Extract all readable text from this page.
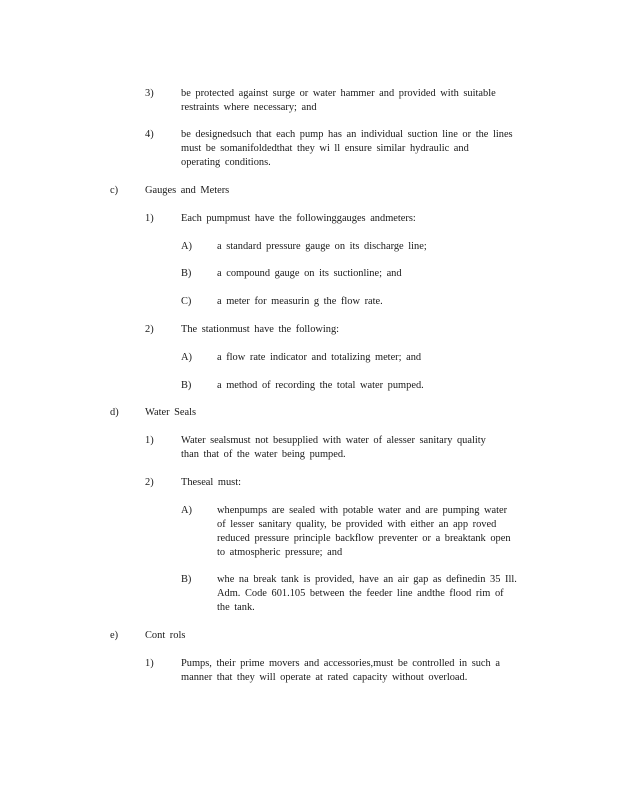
3)	be protected against surge or water hammer and provided with suitable
restraints where necessary; and
4)	be designedsuch that each pump has an individual suction line or the lines
must be somanifoldedthat they wi ll ensure similar hydraulic and
operating conditions.
c)	Gauges and Meters
1)	Each pumpmust have the followinggauges andmeters:
A) a standard pressure gauge on its discharge line;
B) a compound gauge on its suctionline; and
C) a meter for measurin g the flow rate.
2)	The stationmust have the following:
A) a flow rate indicator and totalizing meter; and
B) a method of recording the total water pumped.
d)	Water Seals
1)	Water sealsmust not besupplied with water of alesser sanitary quality
than that of the water being pumped.
2)	Theseal must:
A) whenpumps are sealed with potable water and are pumping water
of lesser sanitary quality, be provided with either an app roved
reduced pressure principle backflow preventer or a breaktank open
to atmospheric pressure; and
B) whe na break tank is provided, have an air gap as definedin 35 Ill.
Adm. Code 601.105 between the feeder line andthe flood rim of
the tank.
e)	Cont rols
1)	Pumps, their prime movers and accessories,must be controlled in such a
manner that they will operate at rated capacity without overload.
